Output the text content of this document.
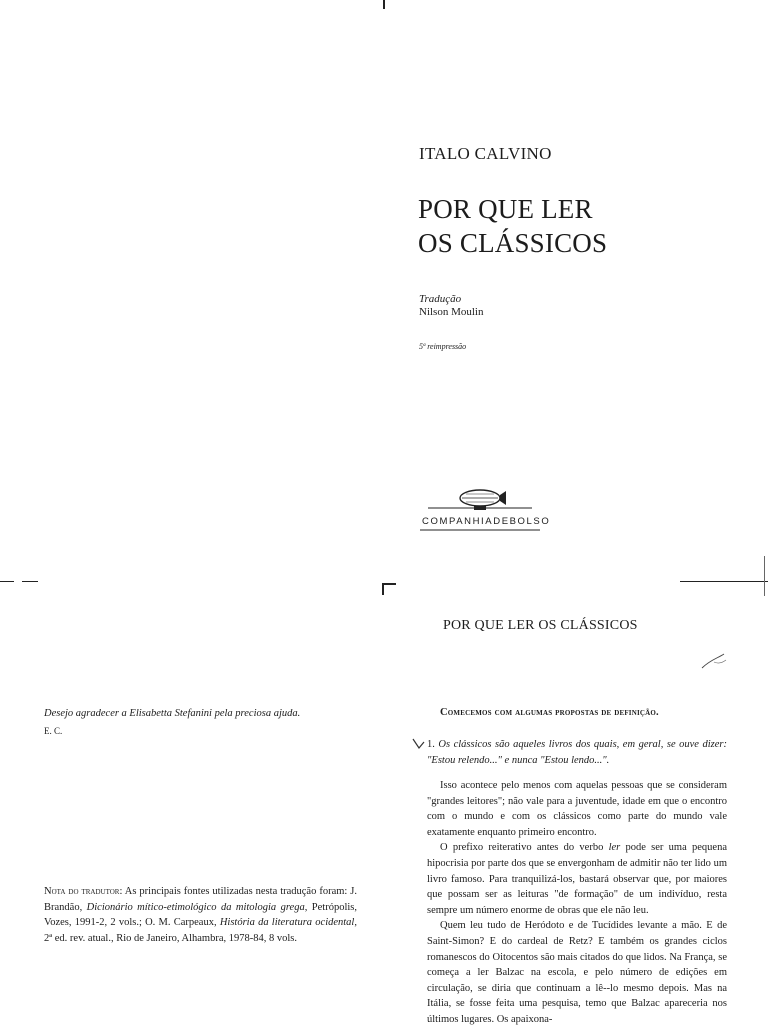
ITALO CALVINO
POR QUE LER
OS CLÁSSICOS
Tradução
Nilson Moulin
5ª reimpressão
COMPANHIADEBOLSO
POR QUE LER OS CLÁSSICOS
Desejo agradecer a Elisabetta Stefanini pela preciosa ajuda.
E. C.
Nota do tradutor: As principais fontes utilizadas nesta tradução foram: J. Brandão, Dicionário mítico-etimológico da mitologia grega, Petrópolis, Vozes, 1991-2, 2 vols.; O. M. Carpeaux, História da literatura ocidental, 2ª ed. rev. atual., Rio de Janeiro, Alhambra, 1978-84, 8 vols.
Comecemos com algumas propostas de definição.
1. Os clássicos são aqueles livros dos quais, em geral, se ouve dizer: "Estou relendo..." e nunca "Estou lendo...".

Isso acontece pelo menos com aquelas pessoas que se consideram "grandes leitores"; não vale para a juventude, idade em que o encontro com o mundo e com os clássicos como parte do mundo vale exatamente enquanto primeiro encontro.

O prefixo reiterativo antes do verbo ler pode ser uma pequena hipocrisia por parte dos que se envergonham de admitir não ter lido um livro famoso. Para tranquilizá-los, bastará observar que, por maiores que possam ser as leituras "de formação" de um indivíduo, resta sempre um número enorme de obras que ele não leu.

Quem leu tudo de Heródoto e de Tucídides levante a mão. E de Saint-Simon? E do cardeal de Retz? E também os grandes ciclos romanescos do Oitocentos são mais citados do que lidos. Na França, se começa a ler Balzac na escola, e pelo número de edições em circulação, se diria que continuam a lê--lo mesmo depois. Mas na Itália, se fosse feita uma pesquisa, temo que Balzac apareceria nos últimos lugares. Os apaixona-
